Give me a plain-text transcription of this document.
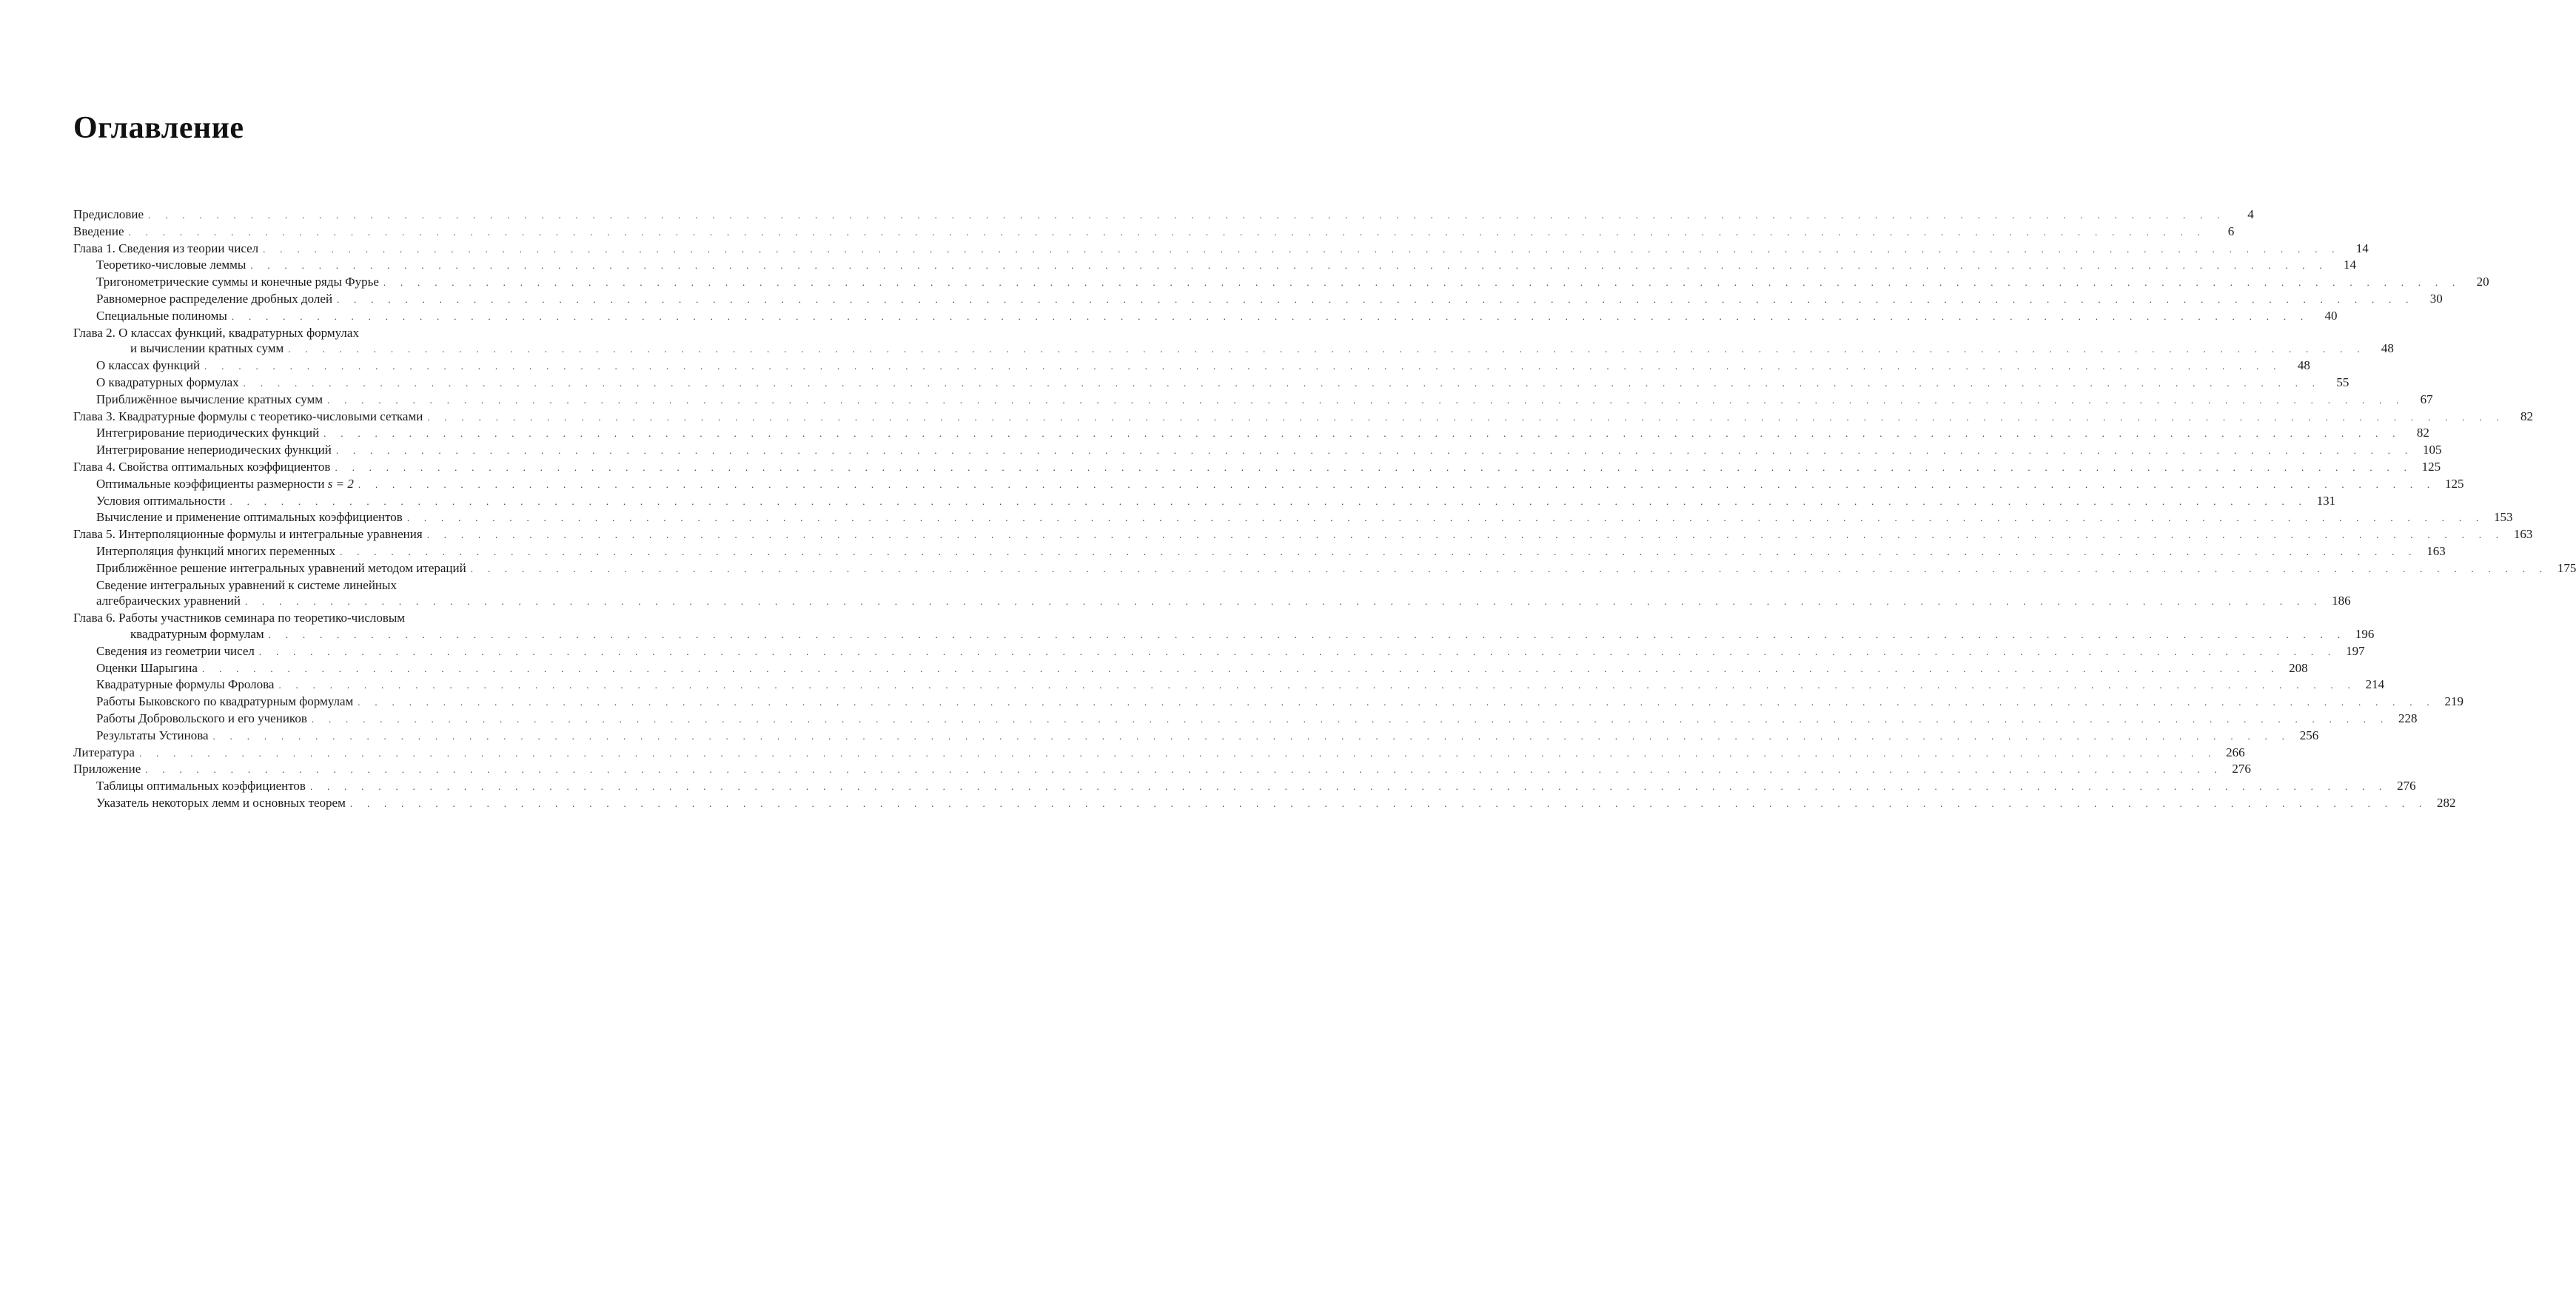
Оглавление
Предисловие . . . . . . . . . . . . . . . . . . . . . . . . . . . . . . . . . . . . . . . . . . . . . . . . . . . . . . . . . . . . . . . . . . . . . . . . . . . . . . . . . . . . . . . . . . . . . . . . . . . . . . . . . . . . . . . . . . . . . . . . . .	4
Введение . . . . . . . . . . . . . . . . . . . . . . . . . . . . . . . . . . . . . . . . . . . . . . . . . . . . . . . . . . . . . . . . . . . . . . . . . . . . . . . . . . . . . . . . . . . . . . . . . . . . . . . . . . . . . . . . . . . . . . . . . .	6
Глава 1. Сведения из теории чисел . . . . . . . . . . . . . . . . . . . . . . . . . . . . . . . . . . . . . . . . . . . . . . . . . . . . . . . . . . . . . . . . . . . . . . . . . . . . . . . . . . . . . . . . . . . . . . . . . . . . . . . . . . . . . . . . . . . . . . . . . .	14
Теоретико-числовые леммы . . . . . . . . . . . . . . . . . . . . . . . . . . . . . . . . . . . . . . . . . . . . . . . . . . . . . . . . . . . . . . . . . . . . . . . . . . . . . . . . . . . . . . . . . . . . . . . . . . . . . . . . . . . . . . . . . . . . . . . . . .	14
Тригонометрические суммы и конечные ряды Фурье . . . . . . . . . . . . . . . . . . . . . . . . . . . . . . . . . . . . . . . . . . . . . . . . . . . . . . . . . . . . . . . . . . . . . . . . . . . . . . . . . . . . . . . . . . . . . . . . . . . . . . . . . . . . . . . . . . . . . . . . . .	20
Равномерное распределение дробных долей . . . . . . . . . . . . . . . . . . . . . . . . . . . . . . . . . . . . . . . . . . . . . . . . . . . . . . . . . . . . . . . . . . . . . . . . . . . . . . . . . . . . . . . . . . . . . . . . . . . . . . . . . . . . . . . . . . . . . . . . . .	30
Специальные полиномы . . . . . . . . . . . . . . . . . . . . . . . . . . . . . . . . . . . . . . . . . . . . . . . . . . . . . . . . . . . . . . . . . . . . . . . . . . . . . . . . . . . . . . . . . . . . . . . . . . . . . . . . . . . . . . . . . . . . . . . . . .	40
Глава 2. О классах функций, квадратурных формулах
и вычислении кратных сумм . . . . . . . . . . . . . . . . . . . . . . . . . . . . . . . . . . . . . . . . . . . . . . . . . . . . . . . . . . . . . . . . . . . . . . . . . . . . . . . . . . . . . . . . . . . . . . . . . . . . . . . . . . . . . . . . . . . . . . . . . .	48
О классах функций . . . . . . . . . . . . . . . . . . . . . . . . . . . . . . . . . . . . . . . . . . . . . . . . . . . . . . . . . . . . . . . . . . . . . . . . . . . . . . . . . . . . . . . . . . . . . . . . . . . . . . . . . . . . . . . . . . . . . . . . . .	48
О квадратурных формулах . . . . . . . . . . . . . . . . . . . . . . . . . . . . . . . . . . . . . . . . . . . . . . . . . . . . . . . . . . . . . . . . . . . . . . . . . . . . . . . . . . . . . . . . . . . . . . . . . . . . . . . . . . . . . . . . . . . . . . . . . .	55
Приближённое вычисление кратных сумм . . . . . . . . . . . . . . . . . . . . . . . . . . . . . . . . . . . . . . . . . . . . . . . . . . . . . . . . . . . . . . . . . . . . . . . . . . . . . . . . . . . . . . . . . . . . . . . . . . . . . . . . . . . . . . . . . . . . . . . . . .	67
Глава 3. Квадратурные формулы с теоретико-числовыми сетками . . . . . . . . . . . . . . . . . . . . . . . . . . . . . . . . . . . . . . . . . . . . . . . . . . . . . . . . . . . . . . . . . . . . . . . . . . . . . . . . . . . . . . . . . . . . . . . . . . . . . . . . . . . . . . . . . . . . . . . . . .	82
Интегрирование периодических функций . . . . . . . . . . . . . . . . . . . . . . . . . . . . . . . . . . . . . . . . . . . . . . . . . . . . . . . . . . . . . . . . . . . . . . . . . . . . . . . . . . . . . . . . . . . . . . . . . . . . . . . . . . . . . . . . . . . . . . . . . .	82
Интегрирование непериодических функций . . . . . . . . . . . . . . . . . . . . . . . . . . . . . . . . . . . . . . . . . . . . . . . . . . . . . . . . . . . . . . . . . . . . . . . . . . . . . . . . . . . . . . . . . . . . . . . . . . . . . . . . . . . . . . . . . . . . . . . . . . 105
Глава 4. Свойства оптимальных коэффициентов . . . . . . . . . . . . . . . . . . . . . . . . . . . . . . . . . . . . . . . . . . . . . . . . . . . . . . . . . . . . . . . . . . . . . . . . . . . . . . . . . . . . . . . . . . . . . . . . . . . . . . . . . . . . . . . . . . . . . . . . . . 125
Оптимальные коэффициенты размерности s = 2 . . . . . . . . . . . . . . . . . . . . . . . . . . . . . . . . . . . . . . . . . . . . . . . . . . . . . . . . . . . . . . . . . . . . . . . . . . . . . . . . . . . . . . . . . . . . . . . . . . . . . . . . . . . . . . . . . . . . . . . . . . 125
Условия оптимальности . . . . . . . . . . . . . . . . . . . . . . . . . . . . . . . . . . . . . . . . . . . . . . . . . . . . . . . . . . . . . . . . . . . . . . . . . . . . . . . . . . . . . . . . . . . . . . . . . . . . . . . . . . . . . . . . . . . . . . . . . . 131
Вычисление и применение оптимальных коэффициентов . . . . . . . . . . . . . . . . . . . . . . . . . . . . . . . . . . . . . . . . . . . . . . . . . . . . . . . . . . . . . . . . . . . . . . . . . . . . . . . . . . . . . . . . . . . . . . . . . . . . . . . . . . . . . . . . . . . . . . . . . . 153
Глава 5. Интерполяционные формулы и интегральные уравнения . . . . . . . . . . . . . . . . . . . . . . . . . . . . . . . . . . . . . . . . . . . . . . . . . . . . . . . . . . . . . . . . . . . . . . . . . . . . . . . . . . . . . . . . . . . . . . . . . . . . . . . . . . . . . . . . . . . . . . . . . . 163
Интерполяция функций многих переменных . . . . . . . . . . . . . . . . . . . . . . . . . . . . . . . . . . . . . . . . . . . . . . . . . . . . . . . . . . . . . . . . . . . . . . . . . . . . . . . . . . . . . . . . . . . . . . . . . . . . . . . . . . . . . . . . . . . . . . . . . . 163
Приближённое решение интегральных уравнений методом итераций . . . . . . . . . . . . . . . . . . . . . . . . . . . . . . . . . . . . . . . . . . . . . . . . . . . . . . . . . . . . . . . . . . . . . . . . . . . . . . . . . . . . . . . . . . . . . . . . . . . . . . . . . . . . . . . . . . . . . . . . . . 175
Сведение интегральных уравнений к системе линейных
алгебраических уравнений . . . . . . . . . . . . . . . . . . . . . . . . . . . . . . . . . . . . . . . . . . . . . . . . . . . . . . . . . . . . . . . . . . . . . . . . . . . . . . . . . . . . . . . . . . . . . . . . . . . . . . . . . . . . . . . . . . . . . . . . . . 186
Глава 6. Работы участников семинара по теоретико-числовым
квадратурным формулам . . . . . . . . . . . . . . . . . . . . . . . . . . . . . . . . . . . . . . . . . . . . . . . . . . . . . . . . . . . . . . . . . . . . . . . . . . . . . . . . . . . . . . . . . . . . . . . . . . . . . . . . . . . . . . . . . . . . . . . . . . 196
Сведения из геометрии чисел . . . . . . . . . . . . . . . . . . . . . . . . . . . . . . . . . . . . . . . . . . . . . . . . . . . . . . . . . . . . . . . . . . . . . . . . . . . . . . . . . . . . . . . . . . . . . . . . . . . . . . . . . . . . . . . . . . . . . . . . . . 197
Оценки Шарыгина . . . . . . . . . . . . . . . . . . . . . . . . . . . . . . . . . . . . . . . . . . . . . . . . . . . . . . . . . . . . . . . . . . . . . . . . . . . . . . . . . . . . . . . . . . . . . . . . . . . . . . . . . . . . . . . . . . . . . . . . . . 208
Квадратурные формулы Фролова . . . . . . . . . . . . . . . . . . . . . . . . . . . . . . . . . . . . . . . . . . . . . . . . . . . . . . . . . . . . . . . . . . . . . . . . . . . . . . . . . . . . . . . . . . . . . . . . . . . . . . . . . . . . . . . . . . . . . . . . . . 214
Работы Быковского по квадратурным формулам . . . . . . . . . . . . . . . . . . . . . . . . . . . . . . . . . . . . . . . . . . . . . . . . . . . . . . . . . . . . . . . . . . . . . . . . . . . . . . . . . . . . . . . . . . . . . . . . . . . . . . . . . . . . . . . . . . . . . . . . . . 219
Работы Добровольского и его учеников . . . . . . . . . . . . . . . . . . . . . . . . . . . . . . . . . . . . . . . . . . . . . . . . . . . . . . . . . . . . . . . . . . . . . . . . . . . . . . . . . . . . . . . . . . . . . . . . . . . . . . . . . . . . . . . . . . . . . . . . . . 228
Результаты Устинова . . . . . . . . . . . . . . . . . . . . . . . . . . . . . . . . . . . . . . . . . . . . . . . . . . . . . . . . . . . . . . . . . . . . . . . . . . . . . . . . . . . . . . . . . . . . . . . . . . . . . . . . . . . . . . . . . . . . . . . . . . 256
Литература . . . . . . . . . . . . . . . . . . . . . . . . . . . . . . . . . . . . . . . . . . . . . . . . . . . . . . . . . . . . . . . . . . . . . . . . . . . . . . . . . . . . . . . . . . . . . . . . . . . . . . . . . . . . . . . . . . . . . . . . . . 266
Приложение . . . . . . . . . . . . . . . . . . . . . . . . . . . . . . . . . . . . . . . . . . . . . . . . . . . . . . . . . . . . . . . . . . . . . . . . . . . . . . . . . . . . . . . . . . . . . . . . . . . . . . . . . . . . . . . . . . . . . . . . . . 276
Таблицы оптимальных коэффициентов . . . . . . . . . . . . . . . . . . . . . . . . . . . . . . . . . . . . . . . . . . . . . . . . . . . . . . . . . . . . . . . . . . . . . . . . . . . . . . . . . . . . . . . . . . . . . . . . . . . . . . . . . . . . . . . . . . . . . . . . . . 276
Указатель некоторых лемм и основных теорем . . . . . . . . . . . . . . . . . . . . . . . . . . . . . . . . . . . . . . . . . . . . . . . . . . . . . . . . . . . . . . . . . . . . . . . . . . . . . . . . . . . . . . . . . . . . . . . . . . . . . . . . . . . . . . . . . . . . . . . . . . 282
